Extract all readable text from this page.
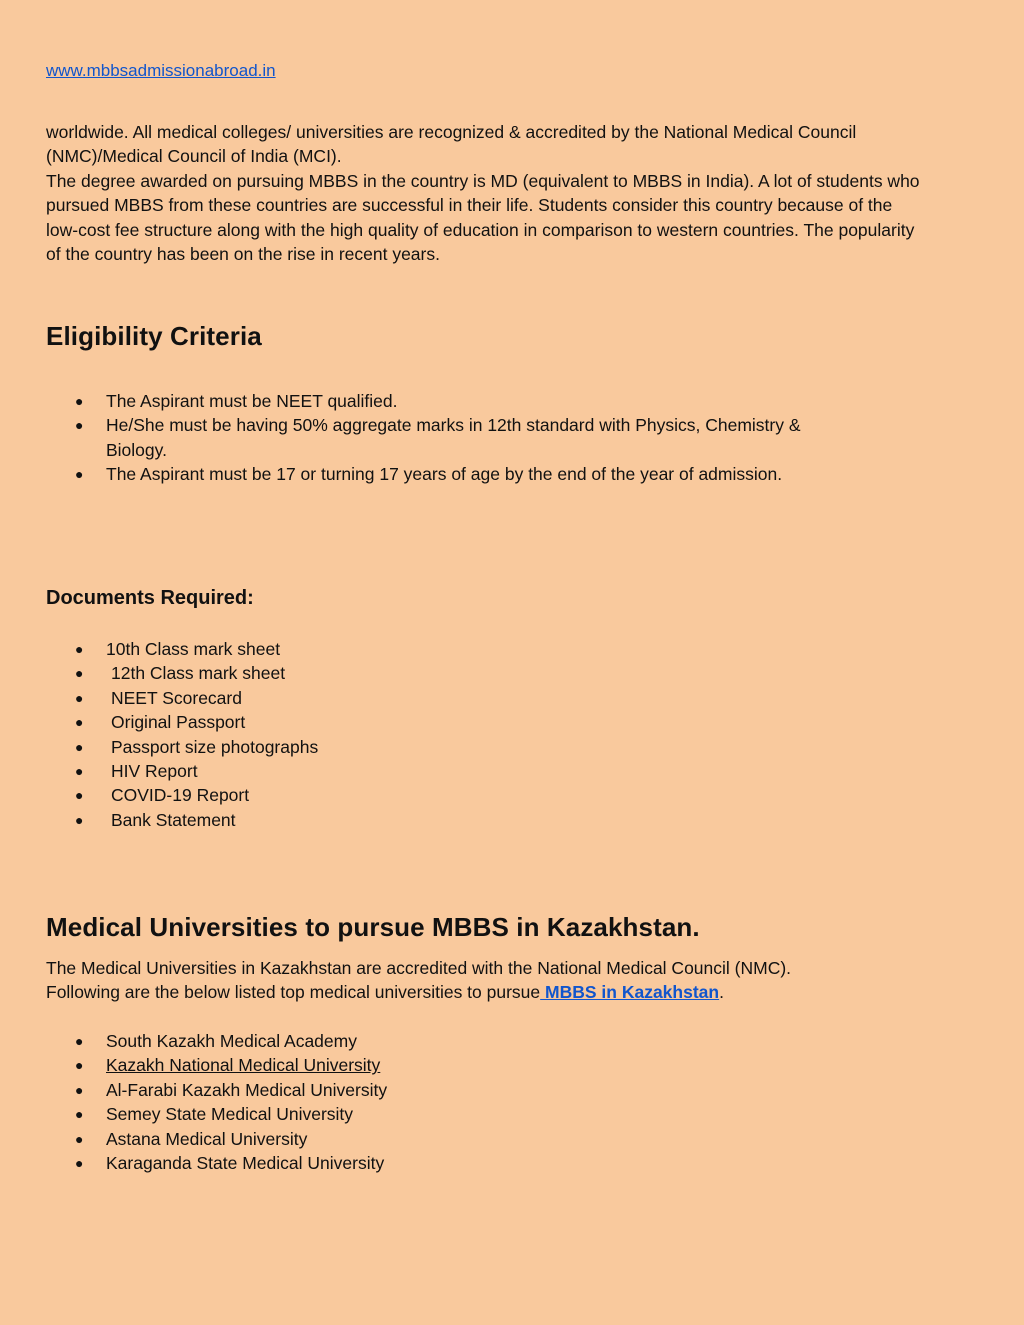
www.mbbsadmissionabroad.in

worldwide. All medical colleges/ universities are recognized & accredited by the National Medical Council (NMC)/Medical Council of India (MCI).

The degree awarded on pursuing MBBS in the country is MD (equivalent to MBBS in India). A lot of students who pursued MBBS from these countries are successful in their life. Students consider this country because of the low-cost fee structure along with the high quality of education in comparison to western countries. The popularity of the country has been on the rise in recent years.

Eligibility Criteria
● The Aspirant must be NEET qualified.
● He/She must be having 50% aggregate marks in 12th standard with Physics, Chemistry & Biology.
● The Aspirant must be 17 or turning 17 years of age by the end of the year of admission.
Documents Required:
● 10th Class mark sheet
● 12th Class mark sheet
● NEET Scorecard
● Original Passport
● Passport size photographs
● HIV Report
● COVID-19 Report
● Bank Statement
Medical Universities to pursue MBBS in Kazakhstan.

The Medical Universities in Kazakhstan are accredited with the National Medical Council (NMC).
Following are the below listed top medical universities to pursue MBBS in Kazakhstan.

● South Kazakh Medical Academy
● Kazakh National Medical University
● Al-Farabi Kazakh Medical University
● Semey State Medical University
● Astana Medical University
● Karaganda State Medical University
